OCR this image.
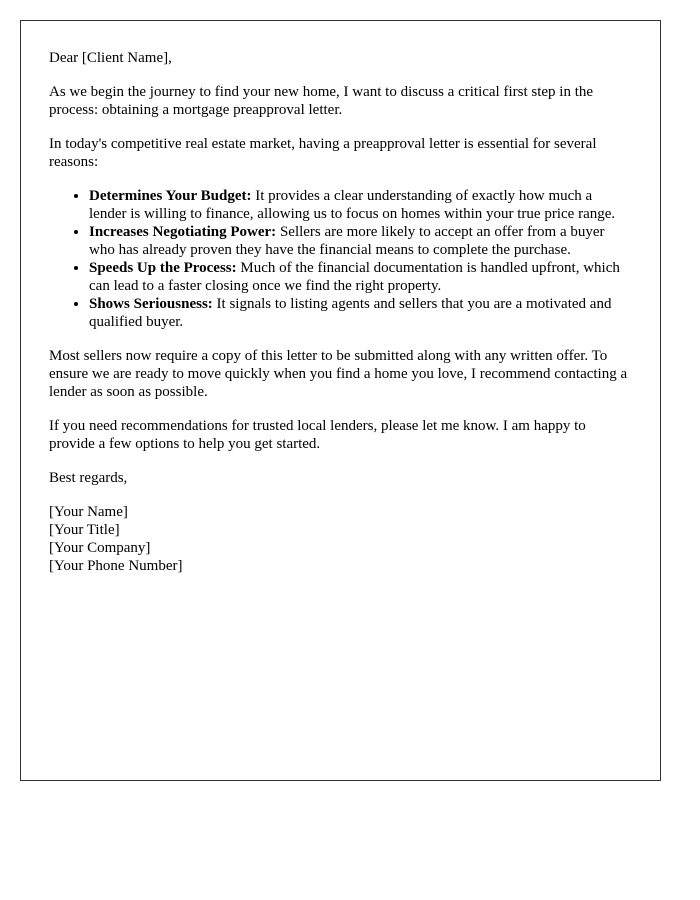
Dear [Client Name],

As we begin the journey to find your new home, I want to discuss a critical first step in the process: obtaining a mortgage preapproval letter.

In today's competitive real estate market, having a preapproval letter is essential for several reasons:

• Determines Your Budget: It provides a clear understanding of exactly how much a lender is willing to finance, allowing us to focus on homes within your true price range.
• Increases Negotiating Power: Sellers are more likely to accept an offer from a buyer who has already proven they have the financial means to complete the purchase.
• Speeds Up the Process: Much of the financial documentation is handled upfront, which can lead to a faster closing once we find the right property.
• Shows Seriousness: It signals to listing agents and sellers that you are a motivated and qualified buyer.

Most sellers now require a copy of this letter to be submitted along with any written offer. To ensure we are ready to move quickly when you find a home you love, I recommend contacting a lender as soon as possible.

If you need recommendations for trusted local lenders, please let me know. I am happy to provide a few options to help you get started.

Best regards,

[Your Name]

[Your Title]

[Your Company]

[Your Phone Number]
